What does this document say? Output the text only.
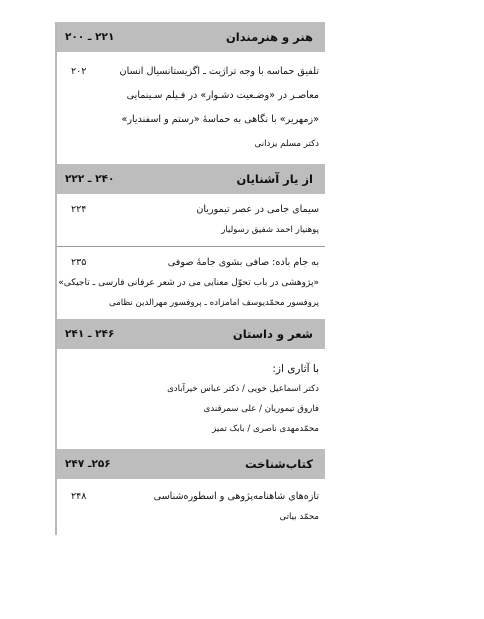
هنر و هنرمندان
۲۲۱ ـ ۲۰۰
تلفیق حماسه با وجه تراژیت ـ اگزیستانسیال انسان
۲۰۲
معاصـر در «وضـعیت دشـوار» در فـیلم سـینمایی
«زمهریر» با نگاهی به حماسهٔ «رستم و اسفندیار»
دکتر مسلم یزدانی
از یار آشنایان
۲۴۰ ـ ۲۲۲
سیمای جامی در عصر تیموریان
۲۲۴
پوهنیار احمد شفیق رسولیار
به جام باده: صافی بشوی جامهٔ صوفی
۲۳۵
«پژوهشی در باب تحوّل معنایی می در شعر عرفانی فارسی ـ تاجیکی»
پروفسور محمّدیوسف امامزاده ـ پروفسور مهرالدین نظامی
شعر و داستان
۲۴۶ ـ ۲۴۱
با آثاری از:
دکتر اسماعیل خویی / دکتر عباس خیرآبادی
فاروق تیموریان / علی سمرقندی
محمّدمهدی ناصری / بابک تمیز
کتاب‌شناخت
۲۵۶ـ ۲۴۷
تازه‌های شاهنامه‌پژوهی و اسطوره‌شناسی
۲۴۸
محمّد بیاتی
